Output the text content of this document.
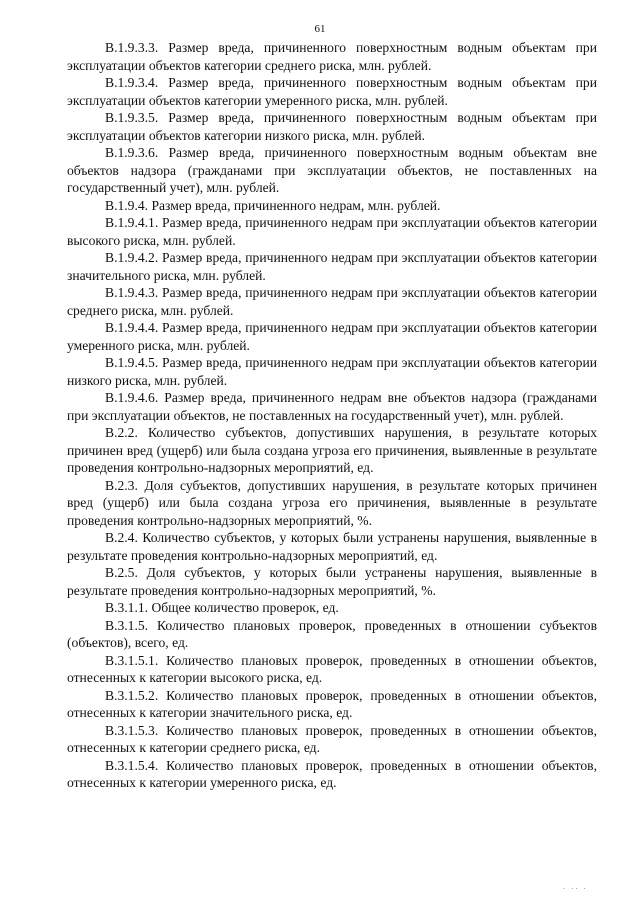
61

В.1.9.3.3. Размер вреда, причиненного поверхностным водным объектам при эксплуатации объектов категории среднего риска, млн. рублей.

В.1.9.3.4. Размер вреда, причиненного поверхностным водным объектам при эксплуатации объектов категории умеренного риска, млн. рублей.

В.1.9.3.5. Размер вреда, причиненного поверхностным водным объектам при эксплуатации объектов категории низкого риска, млн. рублей.

В.1.9.3.6. Размер вреда, причиненного поверхностным водным объектам вне объектов надзора (гражданами при эксплуатации объектов, не поставленных на государственный учет), млн. рублей.

В.1.9.4. Размер вреда, причиненного недрам, млн. рублей.

В.1.9.4.1. Размер вреда, причиненного недрам при эксплуатации объектов категории высокого риска, млн. рублей.

В.1.9.4.2. Размер вреда, причиненного недрам при эксплуатации объектов категории значительного риска, млн. рублей.

В.1.9.4.3. Размер вреда, причиненного недрам при эксплуатации объектов категории среднего риска, млн. рублей.

В.1.9.4.4. Размер вреда, причиненного недрам при эксплуатации объектов категории умеренного риска, млн. рублей.

В.1.9.4.5. Размер вреда, причиненного недрам при эксплуатации объектов категории низкого риска, млн. рублей.

В.1.9.4.6. Размер вреда, причиненного недрам вне объектов надзора (гражданами при эксплуатации объектов, не поставленных на государственный учет), млн. рублей.

В.2.2. Количество субъектов, допустивших нарушения, в результате которых причинен вред (ущерб) или была создана угроза его причинения, выявленные в результате проведения контрольно-надзорных мероприятий, ед.

В.2.3. Доля субъектов, допустивших нарушения, в результате которых причинен вред (ущерб) или была создана угроза его причинения, выявленные в результате проведения контрольно-надзорных мероприятий, %.

В.2.4. Количество субъектов, у которых были устранены нарушения, выявленные в результате проведения контрольно-надзорных мероприятий, ед.

В.2.5. Доля субъектов, у которых были устранены нарушения, выявленные в результате проведения контрольно-надзорных мероприятий, %.

В.3.1.1. Общее количество проверок, ед.

В.3.1.5. Количество плановых проверок, проведенных в отношении субъектов (объектов), всего, ед.

В.3.1.5.1. Количество плановых проверок, проведенных в отношении объектов, отнесенных к категории высокого риска, ед.

В.3.1.5.2. Количество плановых проверок, проведенных в отношении объектов, отнесенных к категории значительного риска, ед.

В.3.1.5.3. Количество плановых проверок, проведенных в отношении объектов, отнесенных к категории среднего риска, ед.

В.3.1.5.4. Количество плановых проверок, проведенных в отношении объектов, отнесенных к категории умеренного риска, ед.

· ·· ·
